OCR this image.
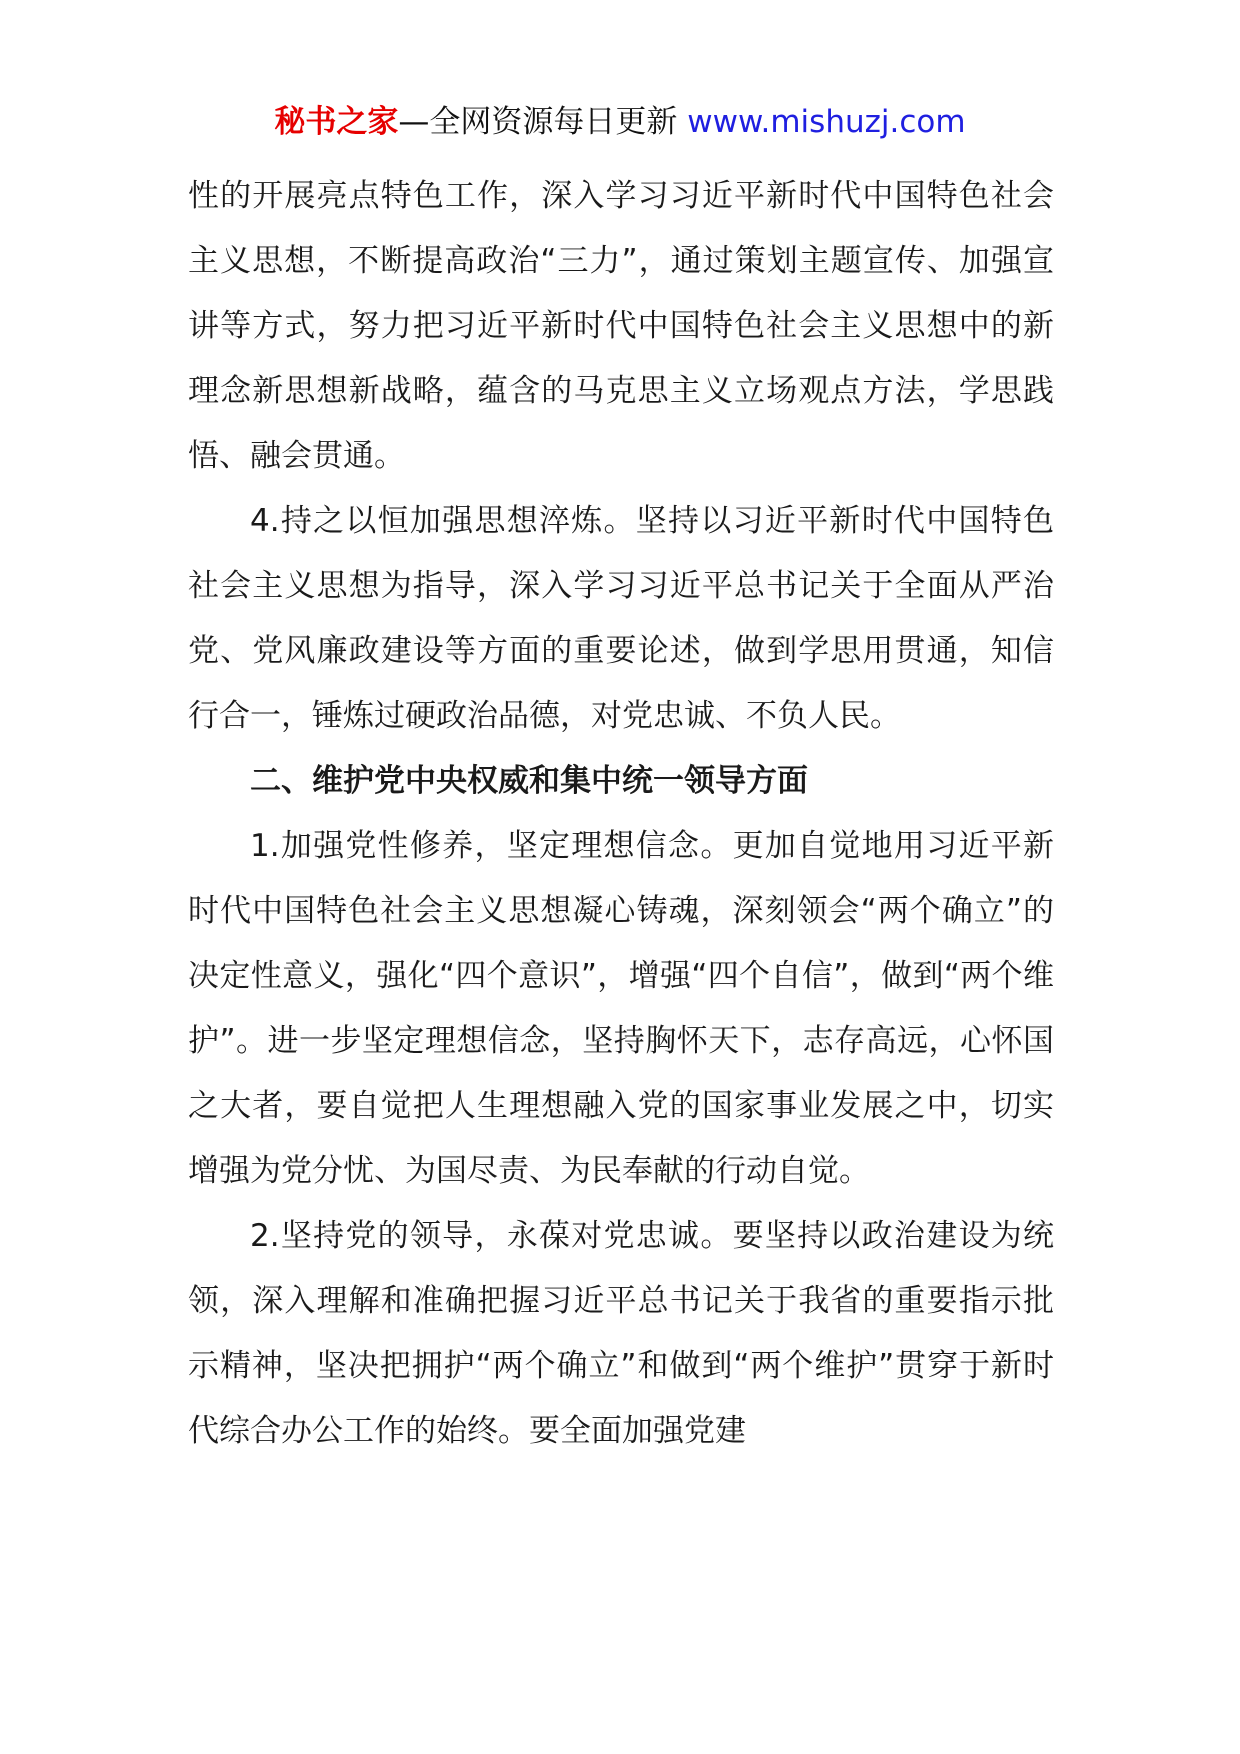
秘书之家—全网资源每日更新 www.mishuzj.com

性的开展亮点特色工作，深入学习习近平新时代中国特色社会主义思想，不断提高政治“三力”，通过策划主题宣传、加强宣讲等方式，努力把习近平新时代中国特色社会主义思想中的新理念新思想新战略，蕴含的马克思主义立场观点方法，学思践悟、融会贯通。

4.持之以恒加强思想淬炼。坚持以习近平新时代中国特色社会主义思想为指导，深入学习习近平总书记关于全面从严治党、党风廉政建设等方面的重要论述，做到学思用贯通，知信行合一，锤炼过硬政治品德，对党忠诚、不负人民。

二、维护党中央权威和集中统一领导方面

1.加强党性修养，坚定理想信念。更加自觉地用习近平新时代中国特色社会主义思想凝心铸魂，深刻领会“两个确立”的决定性意义，强化“四个意识”，增强“四个自信”，做到“两个维护”。进一步坚定理想信念，坚持胸怀天下，志存高远，心怀国之大者，要自觉把人生理想融入党的国家事业发展之中，切实增强为党分忧、为国尽责、为民奉献的行动自觉。

2.坚持党的领导，永葆对党忠诚。要坚持以政治建设为统领，深入理解和准确把握习近平总书记关于我省的重要指示批示精神，坚决把拥护“两个确立”和做到“两个维护”贯穿于新时代综合办公工作的始终。要全面加强党建
